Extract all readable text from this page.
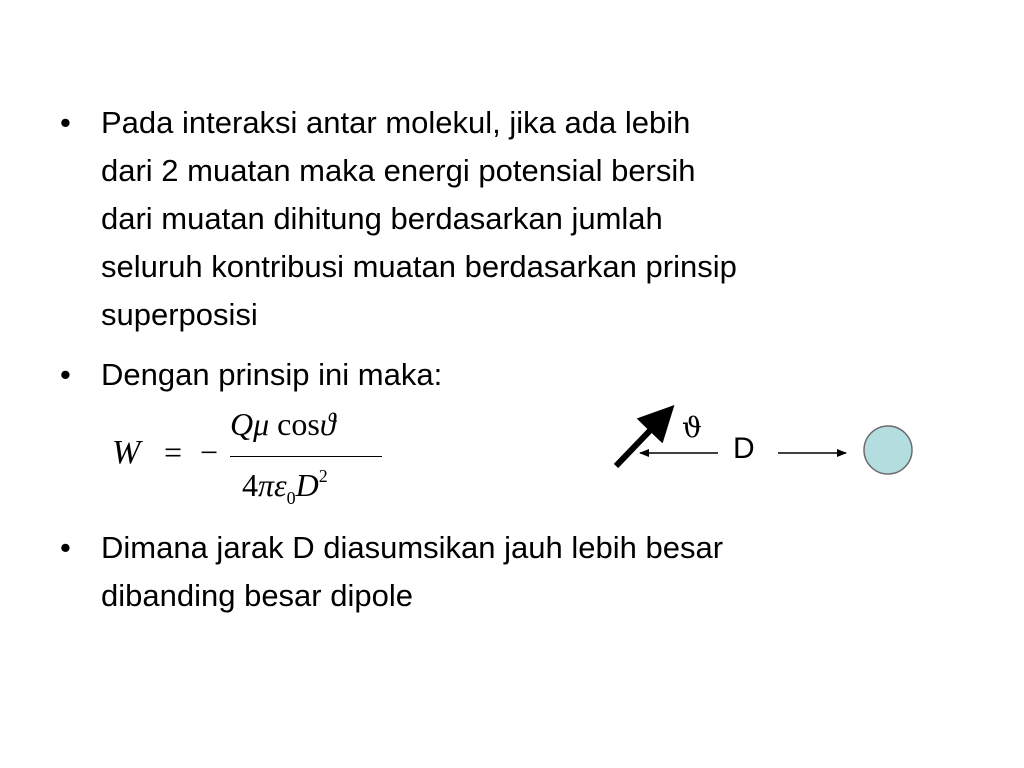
• Pada interaksi antar molekul, jika ada lebih
dari 2 muatan maka energi potensial bersih
dari muatan dihitung berdasarkan jumlah
seluruh kontribusi muatan berdasarkan prinsip
superposisi
• Dengan prinsip ini maka:
W = −
Qμ cosϑ
$4\pi\varepsilon_0D^2$
ϑ
D
• Dimana jarak D diasumsikan jauh lebih besar
dibanding besar dipole
